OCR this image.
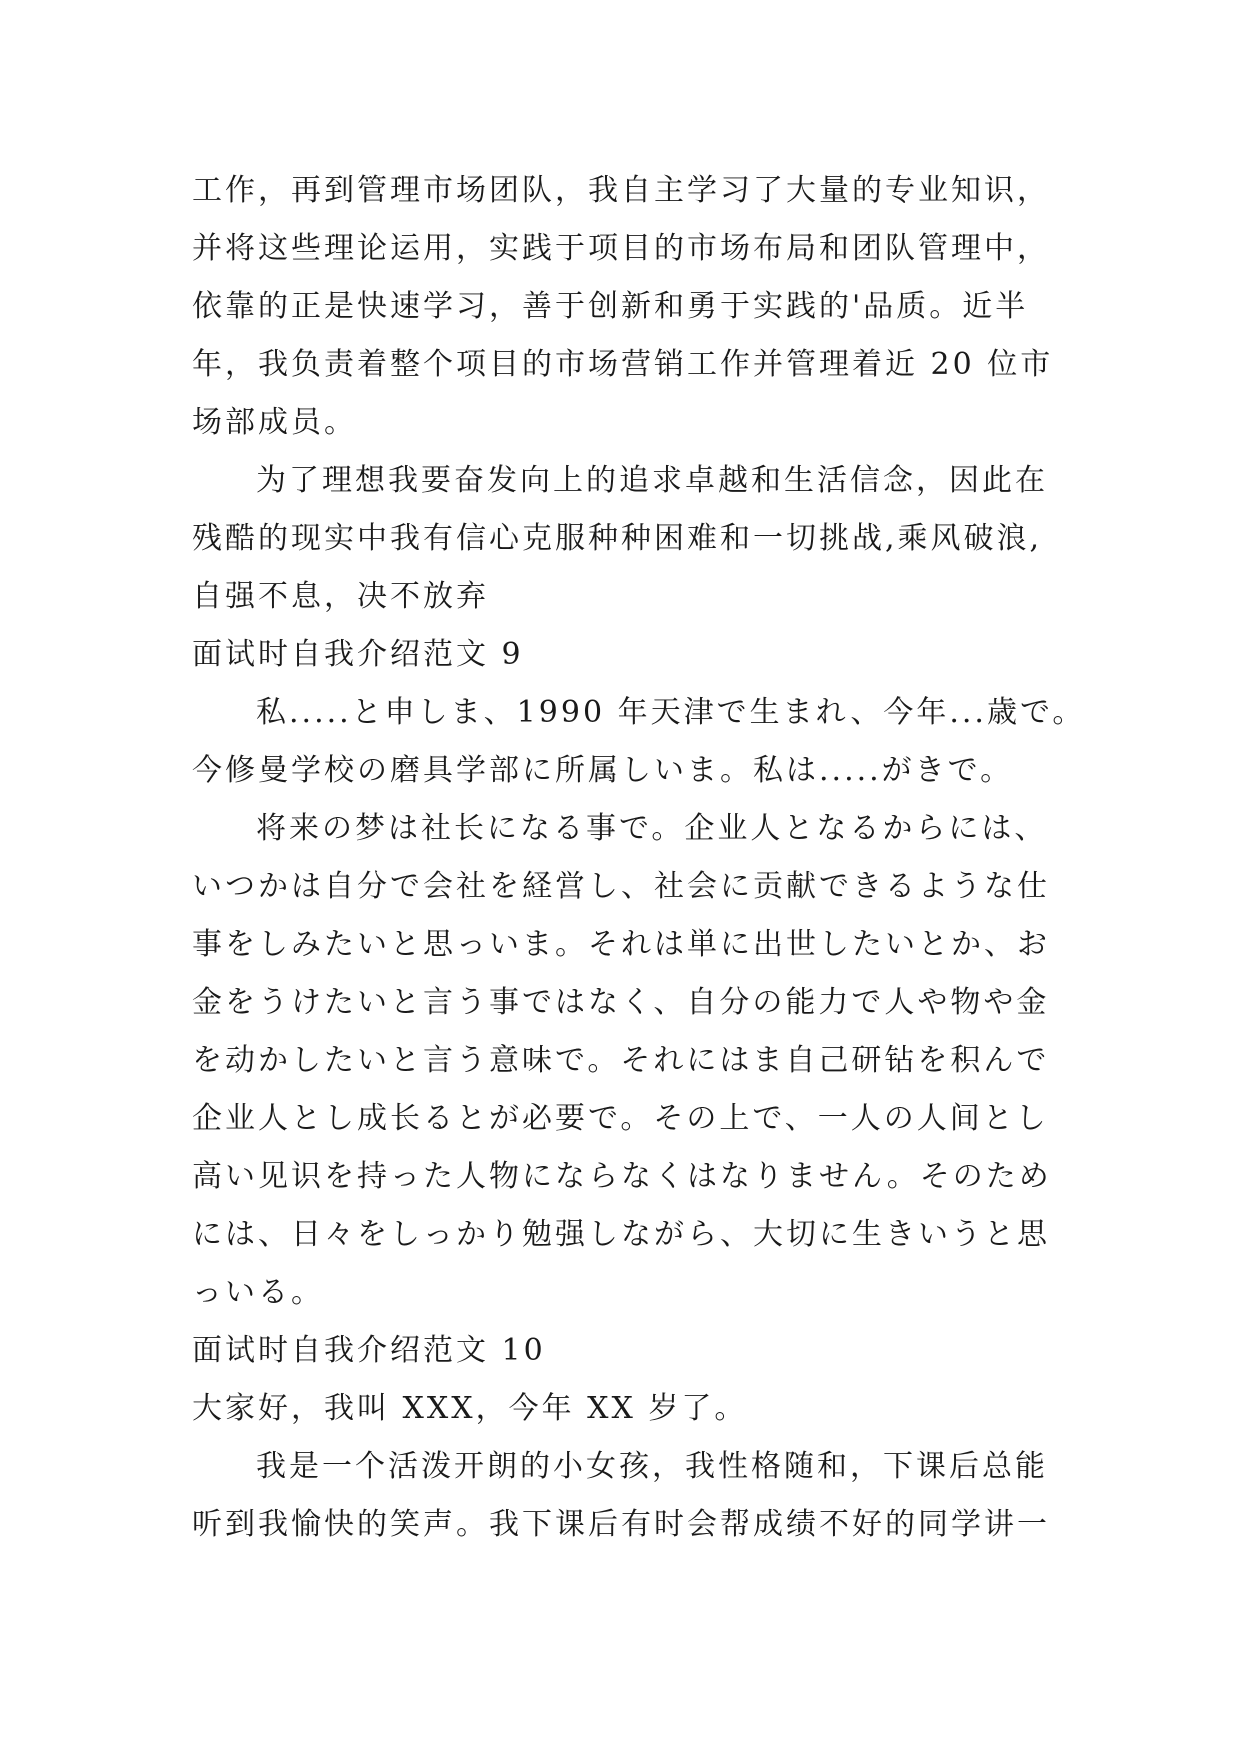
工作，再到管理市场团队，我自主学习了大量的专业知识，
并将这些理论运用，实践于项目的市场布局和团队管理中，
依靠的正是快速学习，善于创新和勇于实践的'品质。近半
年，我负责着整个项目的市场营销工作并管理着近 20 位市
场部成员。
为了理想我要奋发向上的追求卓越和生活信念，因此在
残酷的现实中我有信心克服种种困难和一切挑战,乘风破浪,
自强不息，决不放弃
面试时自我介绍范文 9
私.....と申しま、1990 年天津で生まれ、今年...歳で。
今修曼学校の磨具学部に所属しいま。私は.....がきで。
将来の梦は社长になる事で。企业人となるからには、
いつかは自分で会社を経営し、社会に贡献できるような仕
事をしみたいと思っいま。それは単に出世したいとか、お
金をうけたいと言う事ではなく、自分の能力で人や物や金
を动かしたいと言う意味で。それにはま自己研钻を积んで
企业人とし成长るとが必要で。その上で、一人の人间とし
高い见识を持った人物にならなくはなりません。そのため
には、日々をしっかり勉强しながら、大切に生きいうと思
っいる。
面试时自我介绍范文 10
大家好，我叫 XXX，今年 XX 岁了。
我是一个活泼开朗的小女孩，我性格随和，下课后总能
听到我愉快的笑声。我下课后有时会帮成绩不好的同学讲一
